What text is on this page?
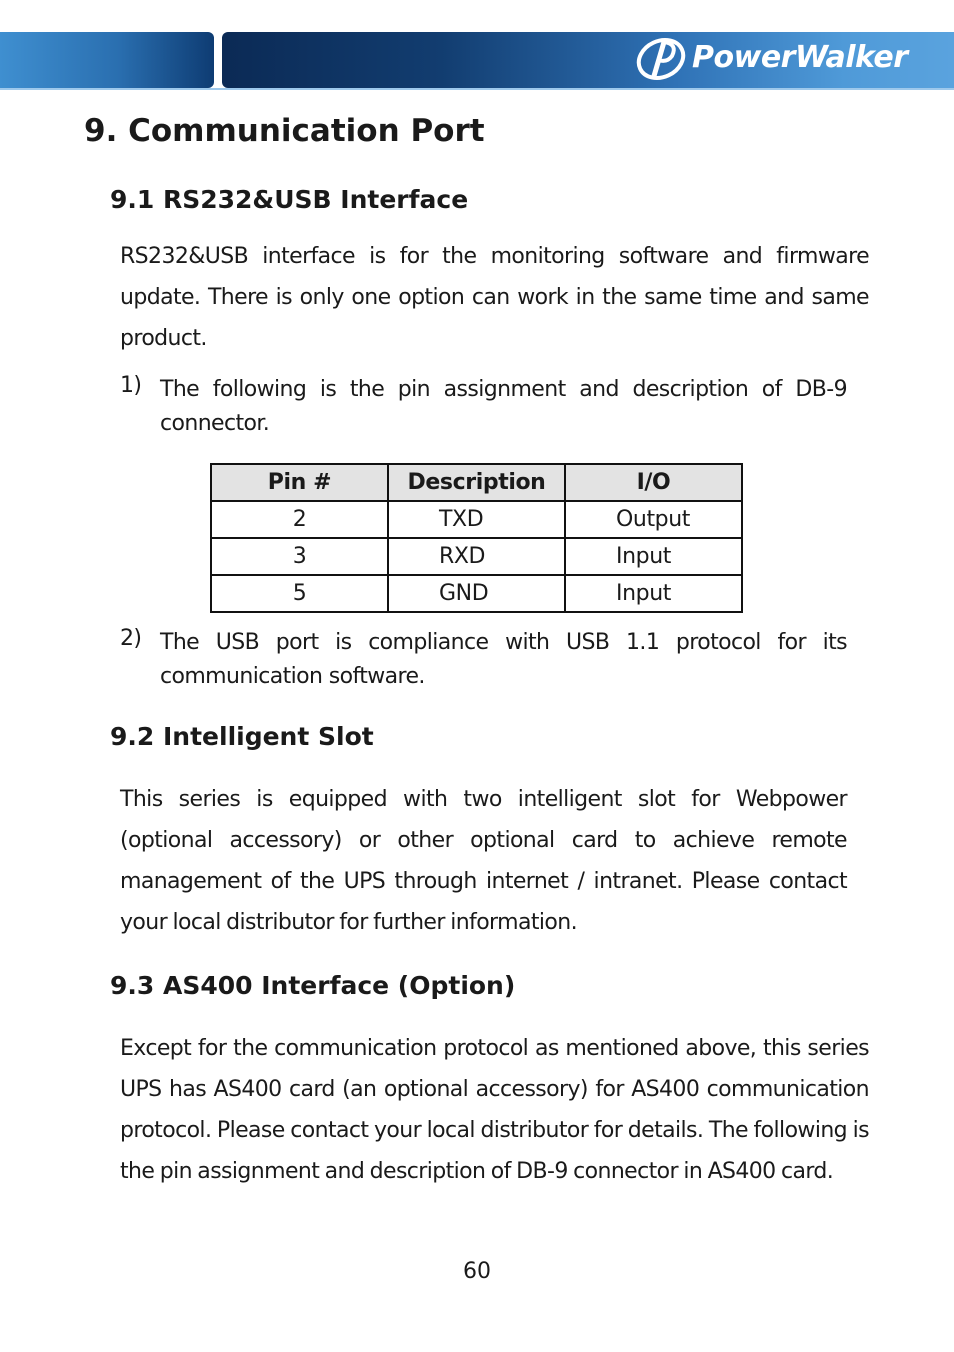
PowerWalker
9. Communication Port
9.1 RS232&USB Interface

RS232&USB interface is for the monitoring software and firmware update. There is only one option can work in the same time and same product.

1) The following is the pin assignment and description of DB-9 connector.

Pin #	Description	I/O
2	TXD	Output
3	RXD	Input
5	GND	Input
2) The USB port is compliance with USB 1.1 protocol for its communication software.

9.2 Intelligent Slot

This series is equipped with two intelligent slot for Webpower (optional accessory) or other optional card to achieve remote management of the UPS through internet / intranet. Please contact your local distributor for further information.

9.3 AS400 Interface (Option)

Except for the communication protocol as mentioned above, this series UPS has AS400 card (an optional accessory) for AS400 communication protocol. Please contact your local distributor for details. The following is the pin assignment and description of DB-9 connector in AS400 card.

60
